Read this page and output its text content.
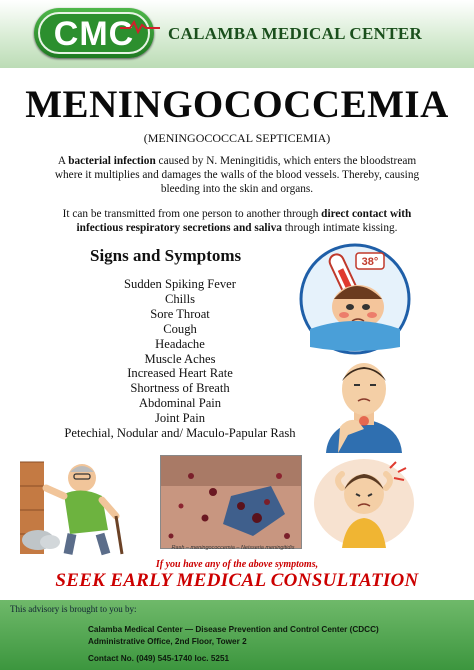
CMC	CALAMBA MEDICAL CENTER
MENINGOCOCCEMIA
(MENINGOCOCCAL SEPTICEMIA)
A bacterial infection caused by N. Meningitidis, which enters the bloodstream where it multiplies and damages the walls of the blood vessels. Thereby, causing bleeding into the skin and organs.
It can be transmitted from one person to another through direct contact with infectious respiratory secretions and saliva through intimate kissing.
Signs and Symptoms
Sudden Spiking Fever
Chills
Sore Throat
Cough
Headache
Muscle Aches
Increased Heart Rate
Shortness of Breath
Abdominal Pain
Joint Pain
Petechial, Nodular and/ Maculo-Papular Rash
38°
Rash – meningococcemia – Neisseria meningitidis
If you have any of the above symptoms,
SEEK EARLY MEDICAL CONSULTATION
This advisory is brought to you by:
Calamba Medical Center — Disease Prevention and Control Center (CDCC)
Administrative Office, 2nd Floor, Tower 2
Contact No. (049) 545-1740 loc. 5251
